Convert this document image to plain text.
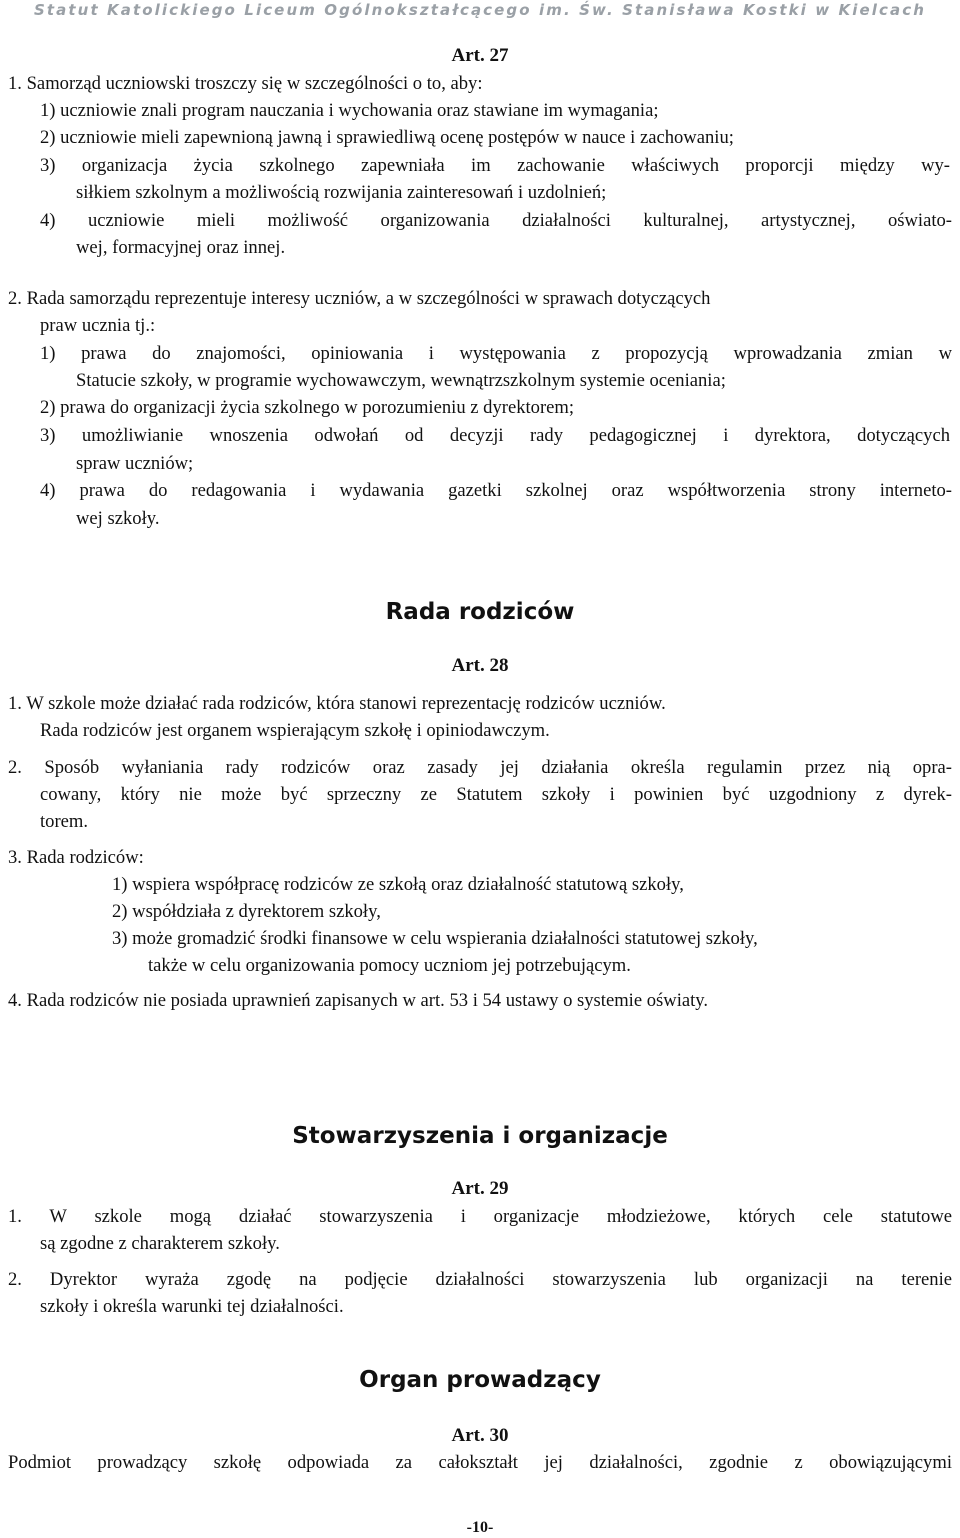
Statut Katolickiego Liceum Ogólnokształcącego im. Św. Stanisława Kostki w Kielcach
Art. 27
1. Samorząd uczniowski troszczy się w szczególności o to, aby:
1) uczniowie znali program nauczania i wychowania oraz stawiane im wymagania;
2) uczniowie mieli zapewnioną jawną i sprawiedliwą ocenę postępów w nauce i zachowaniu;
3) organizacja życia szkolnego zapewniała im zachowanie właściwych proporcji między wy-
siłkiem szkolnym a możliwością rozwijania zainteresowań i uzdolnień;
4) uczniowie mieli możliwość organizowania działalności kulturalnej, artystycznej, oświato-
wej, formacyjnej oraz innej.
2. Rada samorządu reprezentuje interesy uczniów, a w szczególności w sprawach dotyczących
praw ucznia tj.:
1) prawa do znajomości, opiniowania i występowania z propozycją wprowadzania zmian w
Statucie szkoły, w programie wychowawczym, wewnątrzszkolnym systemie oceniania;
2) prawa do organizacji życia szkolnego w porozumieniu z dyrektorem;
3) umożliwianie wnoszenia odwołań od decyzji rady pedagogicznej i dyrektora, dotyczących
spraw uczniów;
4) prawa do redagowania i wydawania gazetki szkolnej oraz współtworzenia strony interneto-
wej szkoły.
Rada rodziców
Art. 28
1. W szkole może działać rada rodziców, która stanowi reprezentację rodziców uczniów.
Rada rodziców jest organem wspierającym szkołę i opiniodawczym.
2. Sposób wyłaniania rady rodziców oraz zasady jej działania określa regulamin przez nią opra-
cowany, który nie może być sprzeczny ze Statutem szkoły i powinien być uzgodniony z dyrek-
torem.
3. Rada rodziców:
1) wspiera współpracę rodziców ze szkołą oraz działalność statutową szkoły,
2) współdziała z dyrektorem szkoły,
3) może gromadzić środki finansowe w celu wspierania działalności statutowej szkoły,
także w celu organizowania pomocy uczniom jej potrzebującym.
4. Rada rodziców nie posiada uprawnień zapisanych w art. 53 i 54 ustawy o systemie oświaty.
Stowarzyszenia i organizacje
Art. 29
1. W szkole mogą działać stowarzyszenia i organizacje młodzieżowe, których cele statutowe
są zgodne z charakterem szkoły.
2. Dyrektor wyraża zgodę na podjęcie działalności stowarzyszenia lub organizacji na terenie
szkoły i określa warunki tej działalności.
Organ prowadzący
Art. 30
Podmiot prowadzący szkołę odpowiada za całokształt jej działalności, zgodnie z obowiązującymi
-10-
